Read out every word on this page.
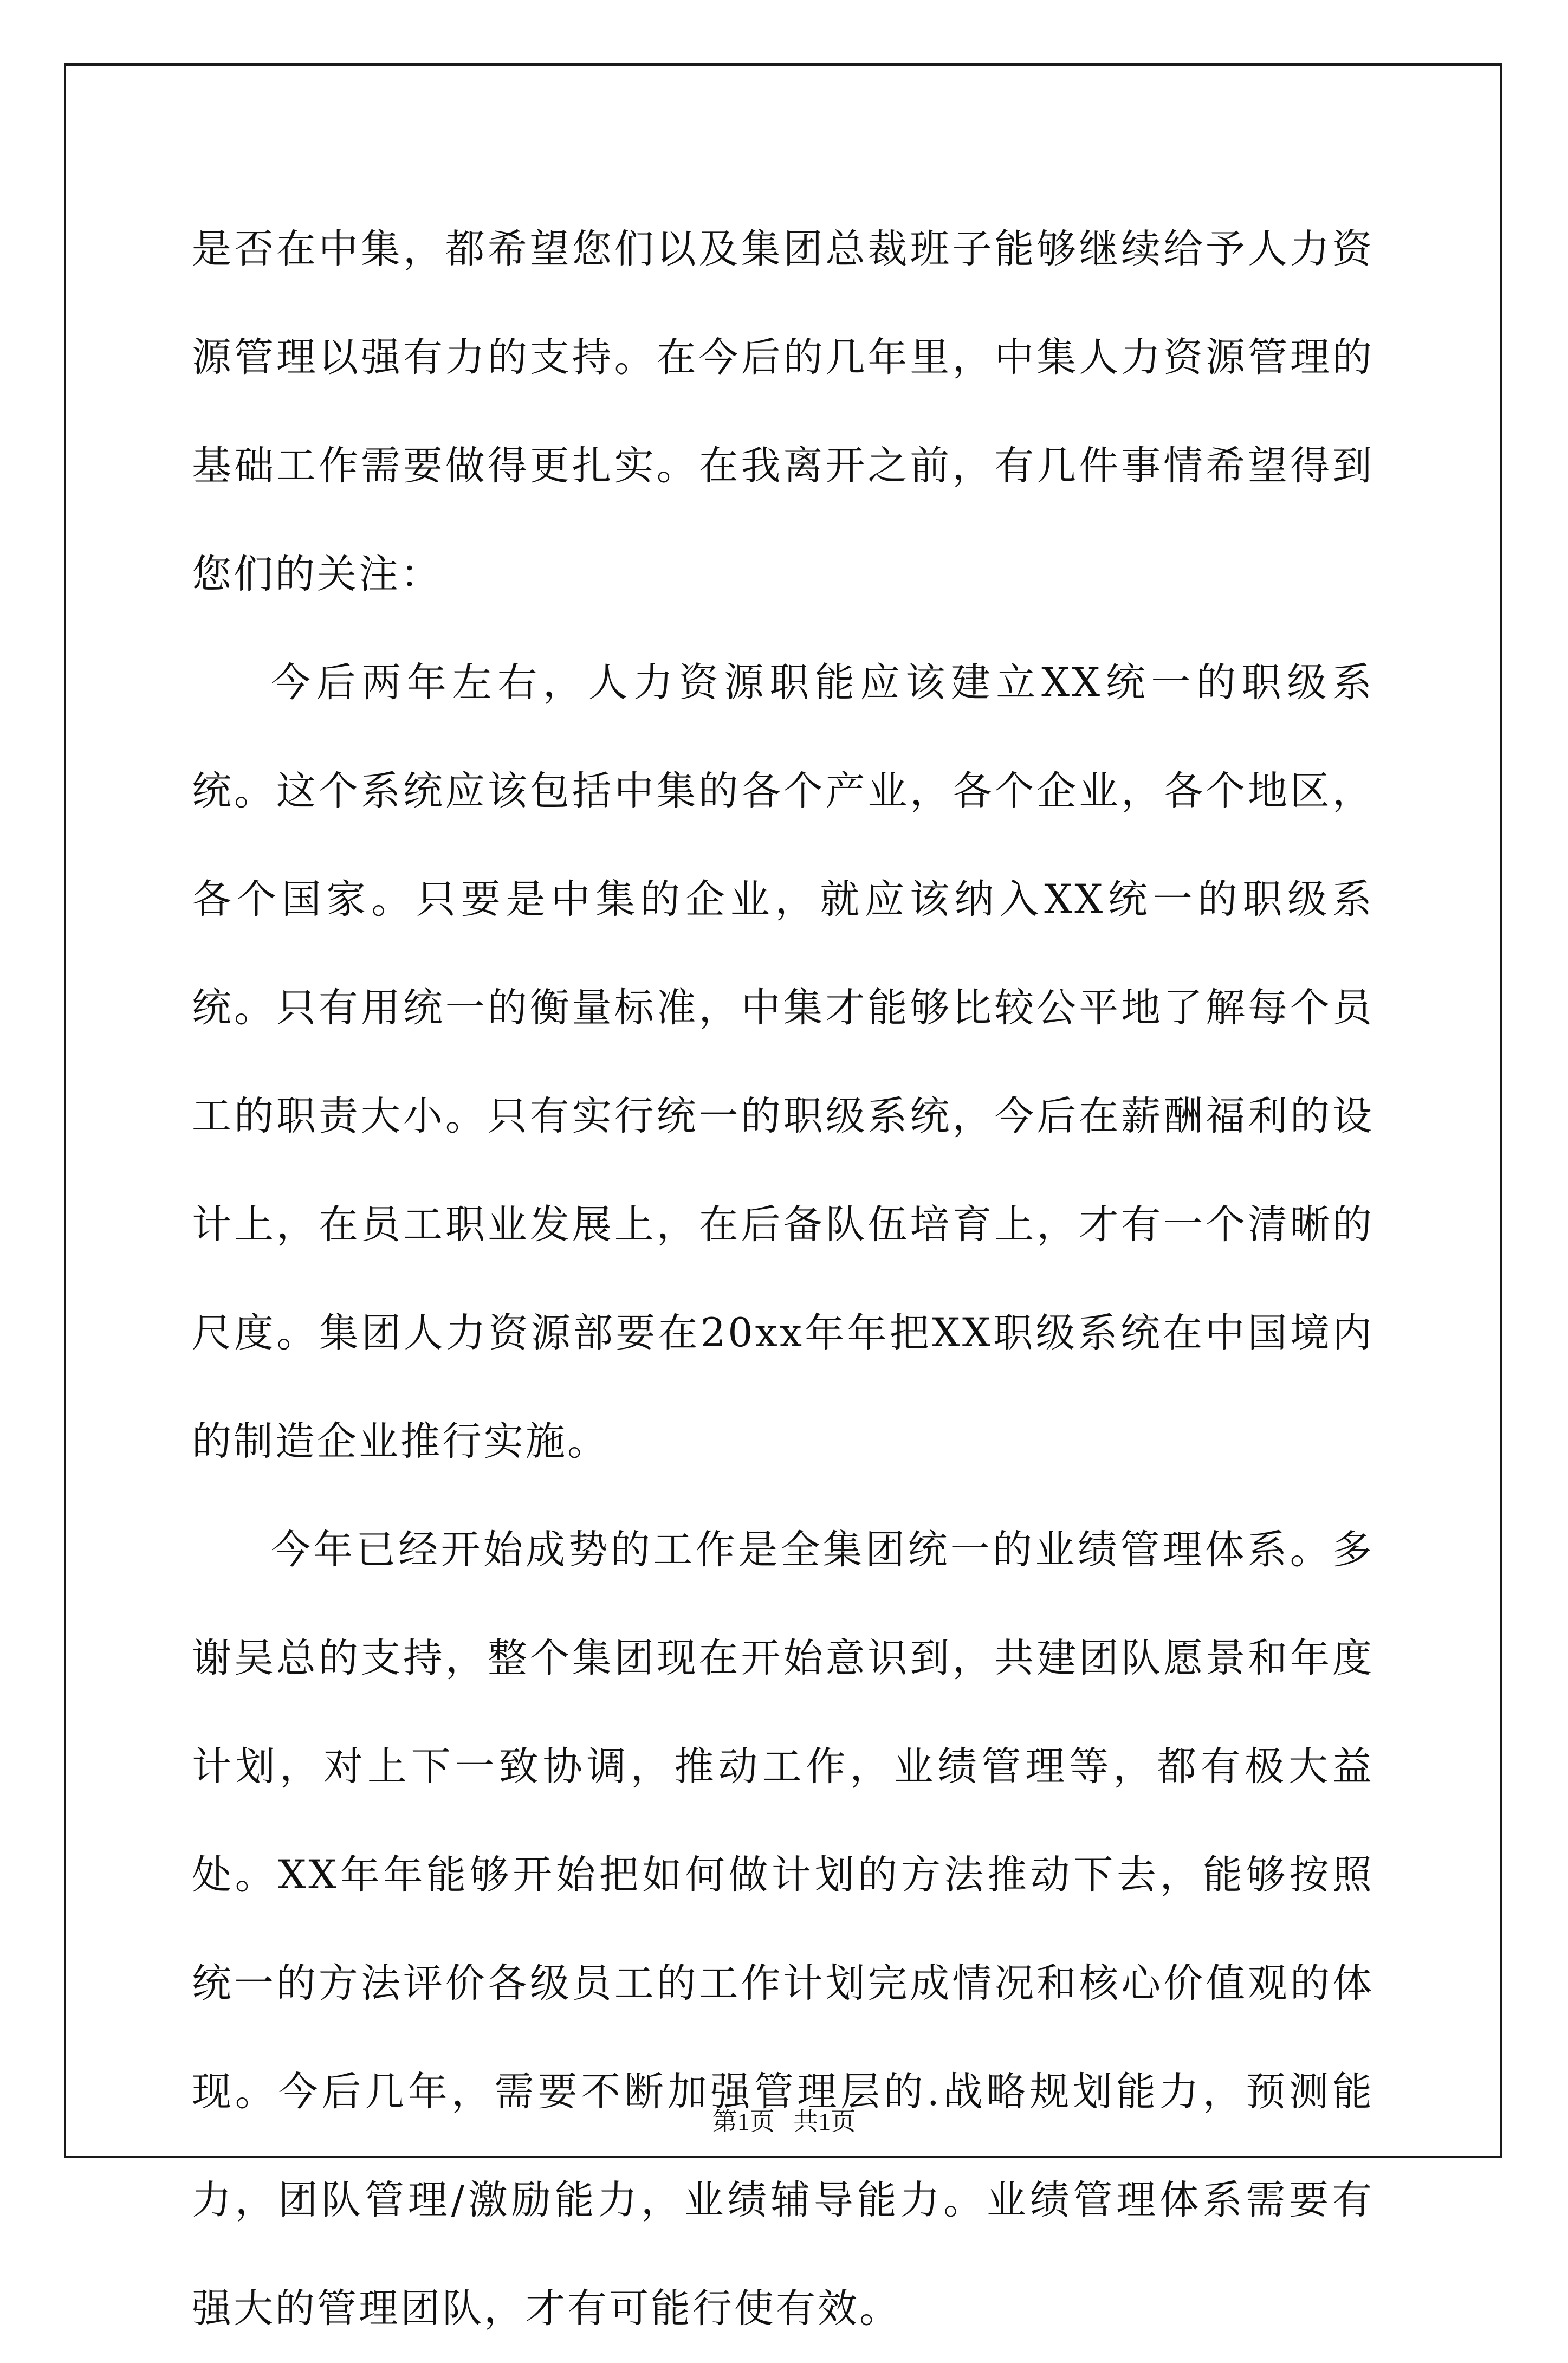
是否在中集，都希望您们以及集团总裁班子能够继续给予人力资源管理以强有力的支持。在今后的几年里，中集人力资源管理的基础工作需要做得更扎实。在我离开之前，有几件事情希望得到您们的关注：

今后两年左右，人力资源职能应该建立XX统一的职级系统。这个系统应该包括中集的各个产业，各个企业，各个地区，各个国家。只要是中集的企业，就应该纳入XX统一的职级系统。只有用统一的衡量标准，中集才能够比较公平地了解每个员工的职责大小。只有实行统一的职级系统，今后在薪酬福利的设计上，在员工职业发展上，在后备队伍培育上，才有一个清晰的尺度。集团人力资源部要在20xx年年把XX职级系统在中国境内的制造企业推行实施。

今年已经开始成势的工作是全集团统一的业绩管理体系。多谢吴总的支持，整个集团现在开始意识到，共建团队愿景和年度计划，对上下一致协调，推动工作，业绩管理等，都有极大益处。XX年年能够开始把如何做计划的方法推动下去，能够按照统一的方法评价各级员工的工作计划完成情况和核心价值观的体现。今后几年，需要不断加强管理层的.战略规划能力，预测能力，团队管理/激励能力，业绩辅导能力。业绩管理体系需要有强大的管理团队，才有可能行使有效。

第1页   共1页
